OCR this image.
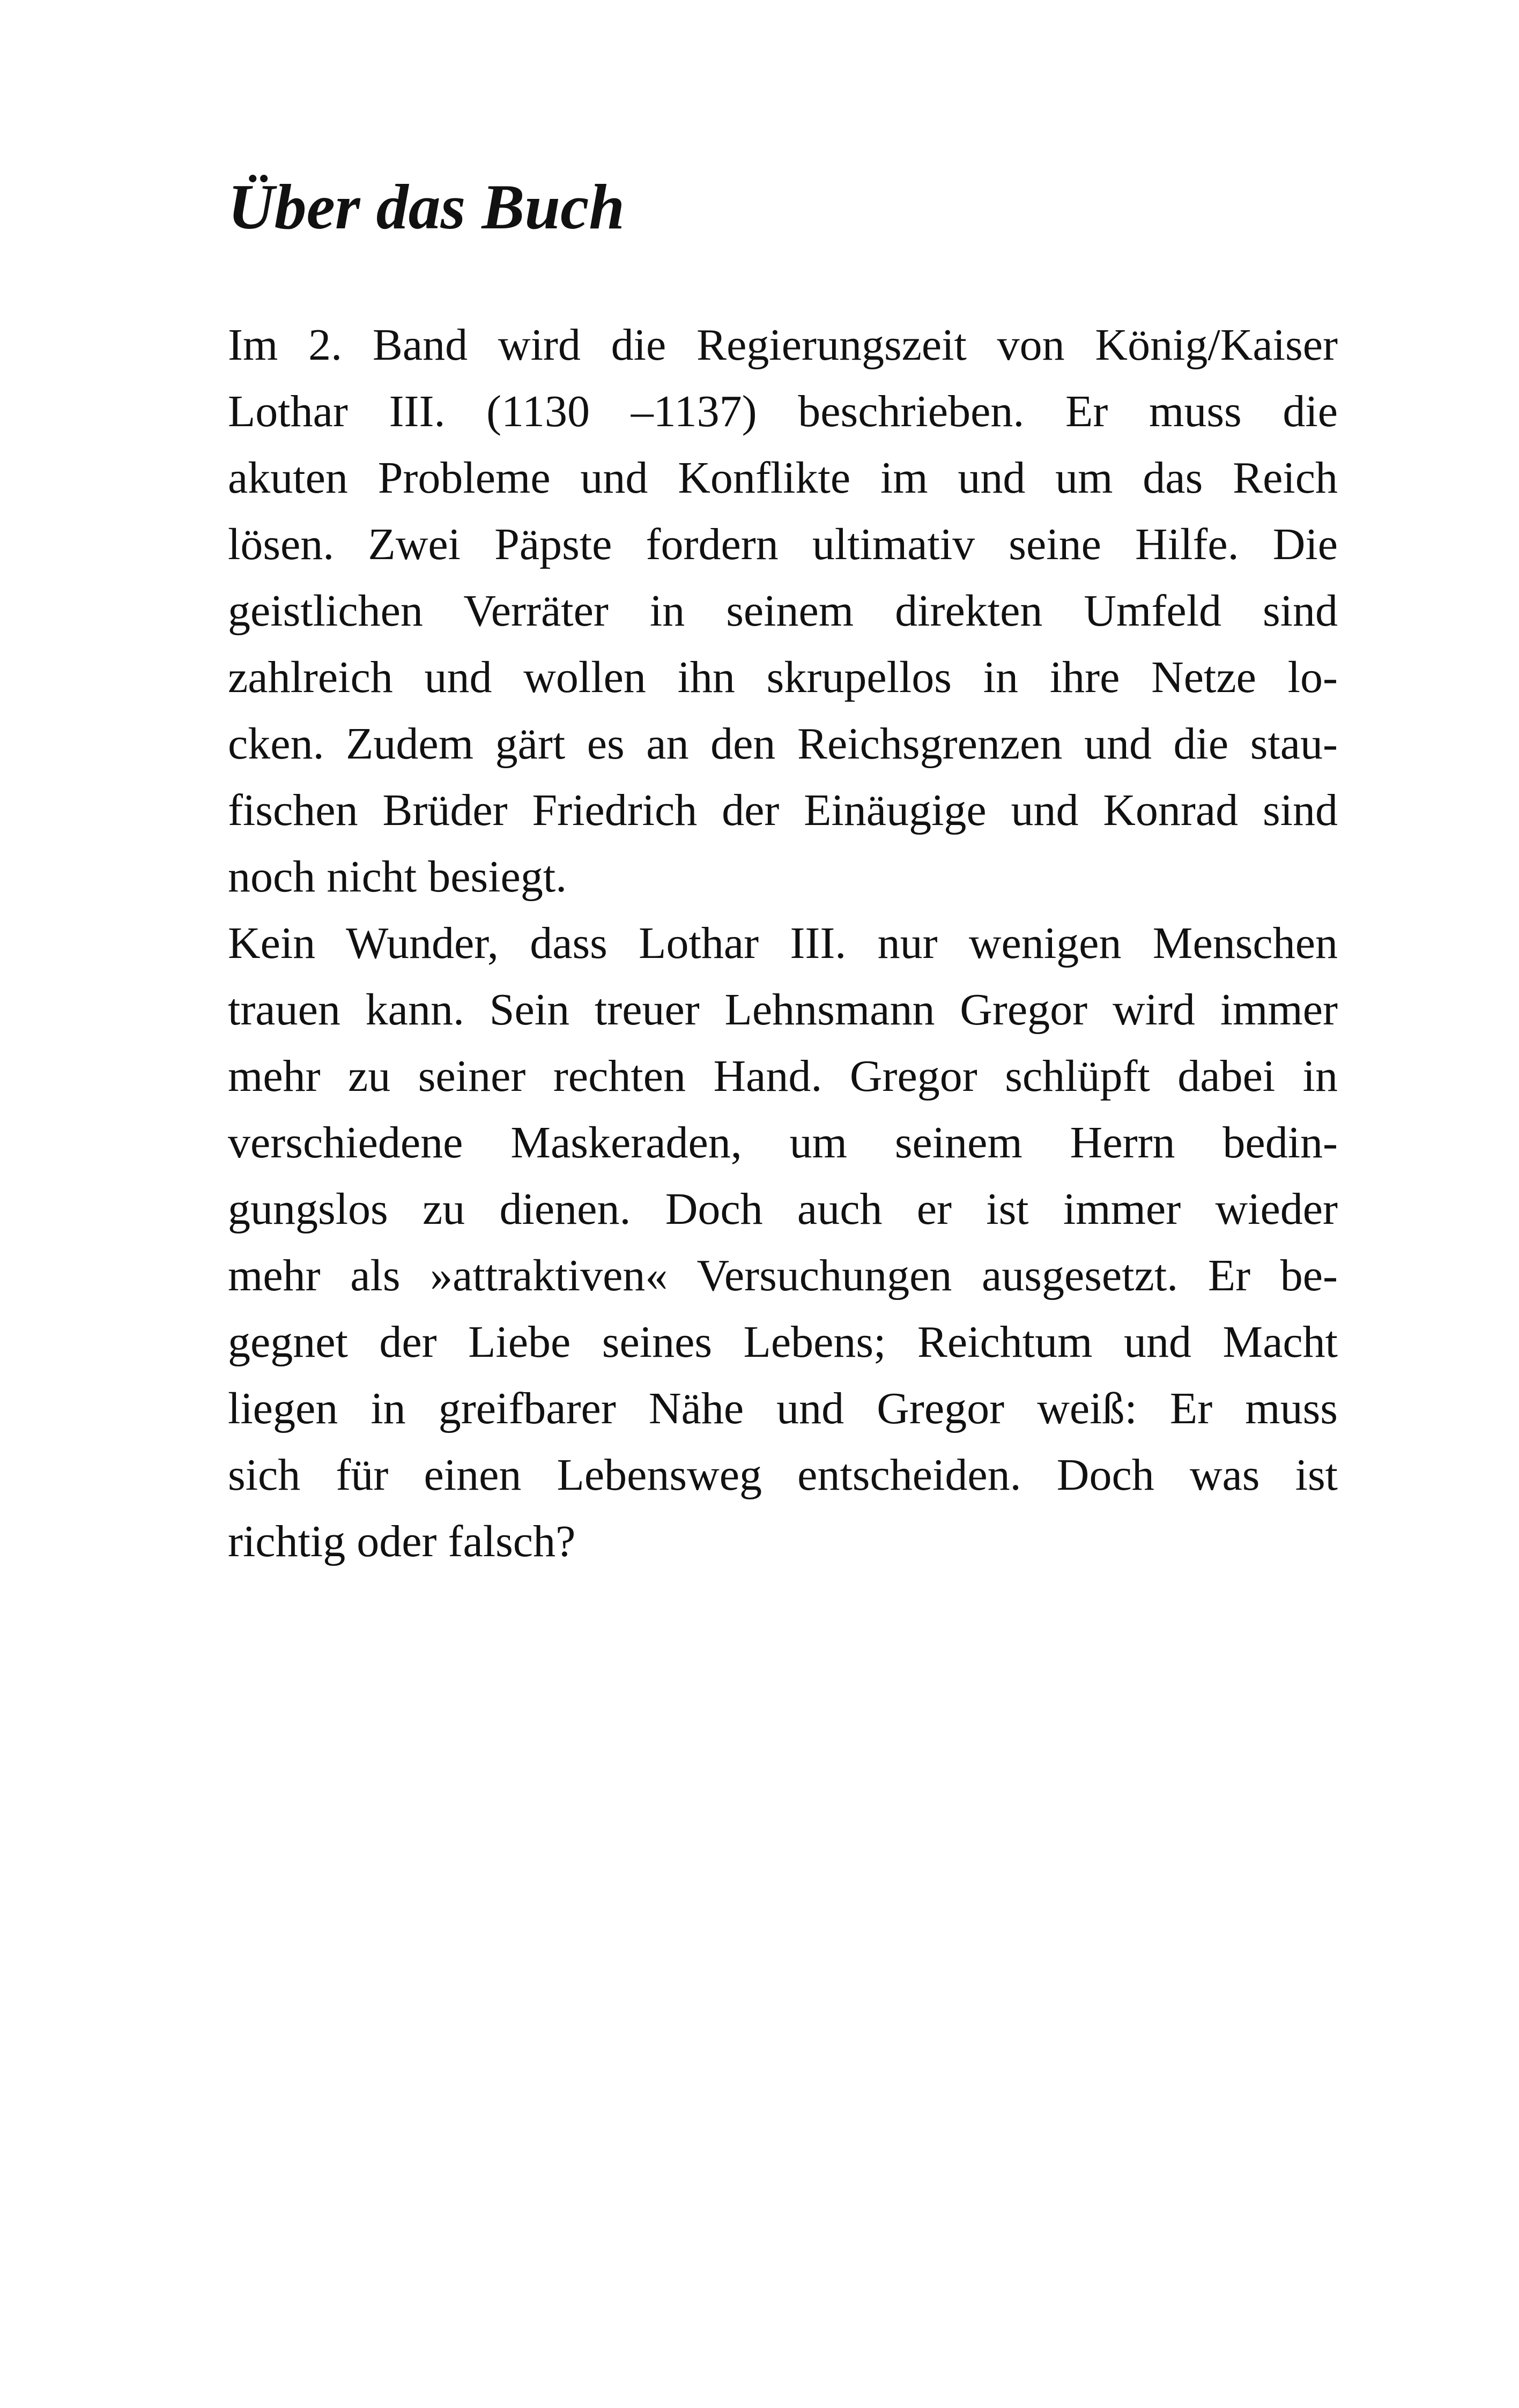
Über das Buch
Im 2. Band wird die Regierungszeit von König/Kaiser
Lothar III. (1130 –1137) beschrieben. Er muss die
akuten Probleme und Konflikte im und um das Reich
lösen. Zwei Päpste fordern ultimativ seine Hilfe. Die
geistlichen Verräter in seinem direkten Umfeld sind
zahlreich und wollen ihn skrupellos in ihre Netze lo-
cken. Zudem gärt es an den Reichsgrenzen und die stau-
fischen Brüder Friedrich der Einäugige und Konrad sind
noch nicht besiegt.
Kein Wunder, dass Lothar III. nur wenigen Menschen
trauen kann. Sein treuer Lehnsmann Gregor wird immer
mehr zu seiner rechten Hand. Gregor schlüpft dabei in
verschiedene Maskeraden, um seinem Herrn bedin-
gungslos zu dienen. Doch auch er ist immer wieder
mehr als »attraktiven« Versuchungen ausgesetzt. Er be-
gegnet der Liebe seines Lebens; Reichtum und Macht
liegen in greifbarer Nähe und Gregor weiß: Er muss
sich für einen Lebensweg entscheiden. Doch was ist
richtig oder falsch?
